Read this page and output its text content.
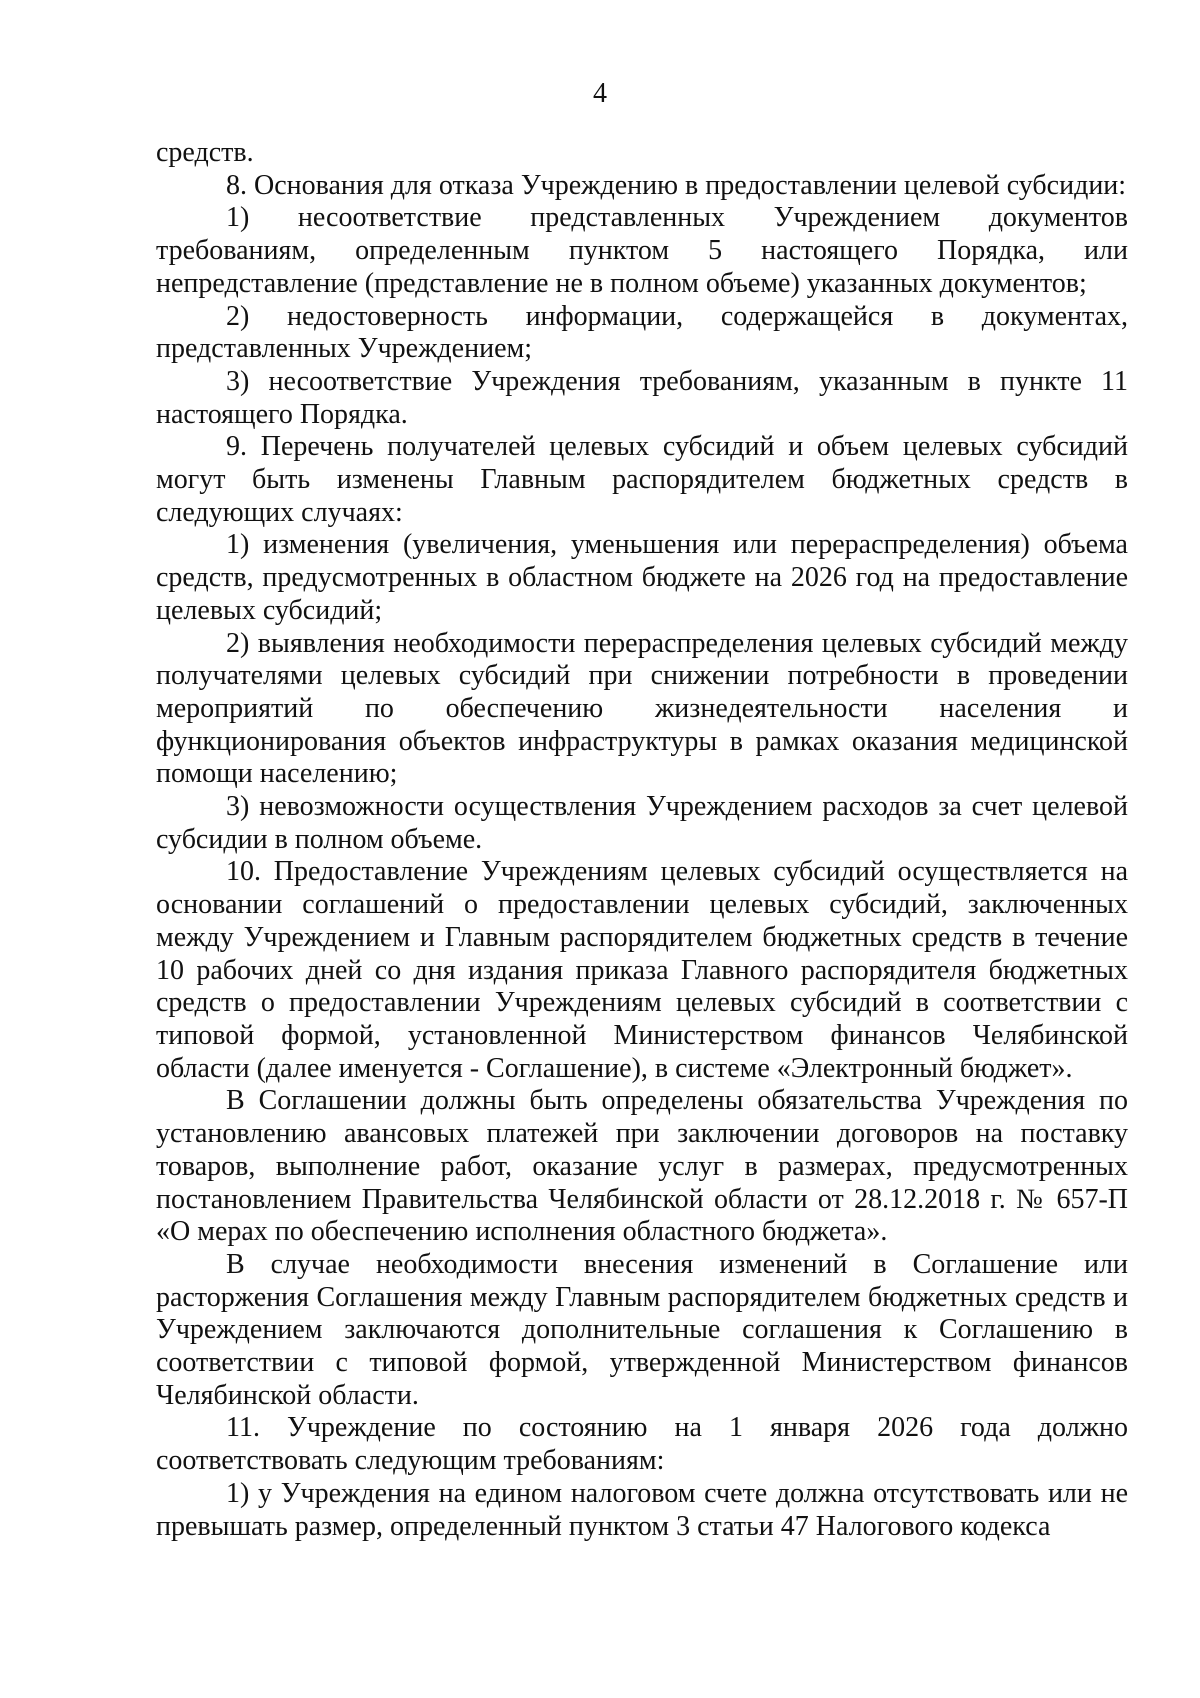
4

средств.

8. Основания для отказа Учреждению в предоставлении целевой субсидии:

1) несоответствие представленных Учреждением документов требованиям, определенным пунктом 5 настоящего Порядка, или непредставление (представление не в полном объеме) указанных документов;

2) недостоверность информации, содержащейся в документах, представленных Учреждением;

3) несоответствие Учреждения требованиям, указанным в пункте 11 настоящего Порядка.

9. Перечень получателей целевых субсидий и объем целевых субсидий могут быть изменены Главным распорядителем бюджетных средств в следующих случаях:

1) изменения (увеличения, уменьшения или перераспределения) объема средств, предусмотренных в областном бюджете на 2026 год на предоставление целевых субсидий;

2) выявления необходимости перераспределения целевых субсидий между получателями целевых субсидий при снижении потребности в проведении мероприятий по обеспечению жизнедеятельности населения и функционирования объектов инфраструктуры в рамках оказания медицинской помощи населению;

3) невозможности осуществления Учреждением расходов за счет целевой субсидии в полном объеме.

10. Предоставление Учреждениям целевых субсидий осуществляется на основании соглашений о предоставлении целевых субсидий, заключенных между Учреждением и Главным распорядителем бюджетных средств в течение 10 рабочих дней со дня издания приказа Главного распорядителя бюджетных средств о предоставлении Учреждениям целевых субсидий в соответствии с типовой формой, установленной Министерством финансов Челябинской области (далее именуется - Соглашение), в системе «Электронный бюджет».

В Соглашении должны быть определены обязательства Учреждения по установлению авансовых платежей при заключении договоров на поставку товаров, выполнение работ, оказание услуг в размерах, предусмотренных постановлением Правительства Челябинской области от 28.12.2018 г. № 657-П «О мерах по обеспечению исполнения областного бюджета».

В случае необходимости внесения изменений в Соглашение или расторжения Соглашения между Главным распорядителем бюджетных средств и Учреждением заключаются дополнительные соглашения к Соглашению в соответствии с типовой формой, утвержденной Министерством финансов Челябинской области.

11. Учреждение по состоянию на 1 января 2026 года должно соответствовать следующим требованиям:

1) у Учреждения на едином налоговом счете должна отсутствовать или не превышать размер, определенный пунктом 3 статьи 47 Налогового кодекса
